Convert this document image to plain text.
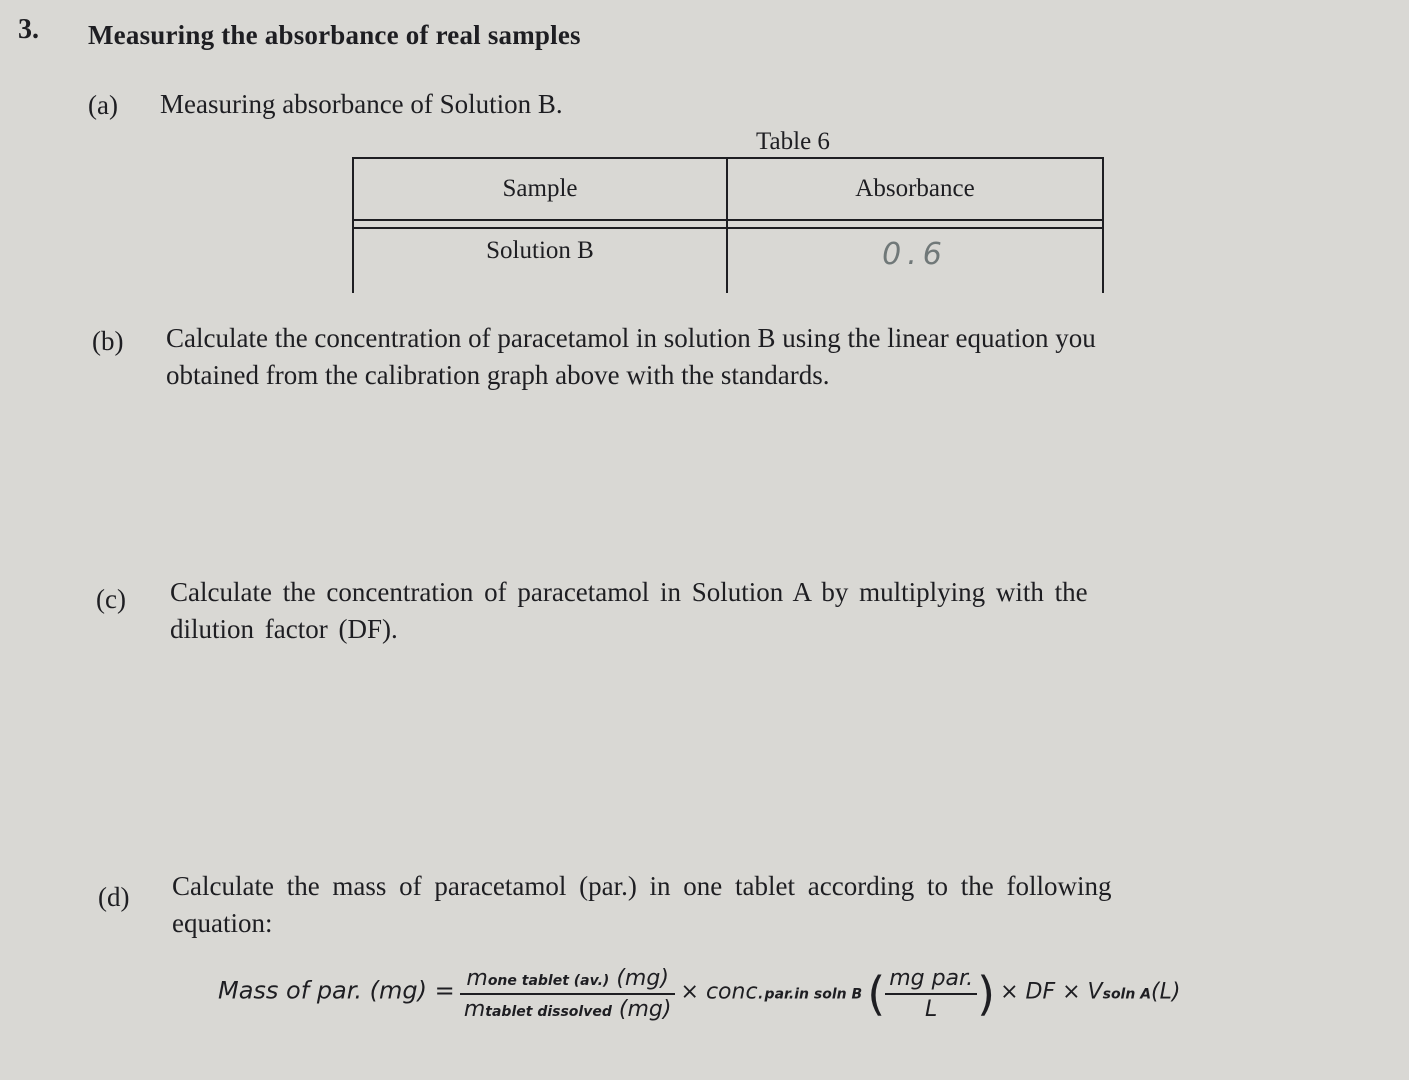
3. Measuring the absorbance of real samples
(a) Measuring absorbance of Solution B.
Table 6
Sample	Absorbance

Solution B	0.6
(b) Calculate the concentration of paracetamol in solution B using the linear equation you
obtained from the calibration graph above with the standards.
(c) Calculate the concentration of paracetamol in Solution A by multiplying with the
dilution factor (DF).
(d) Calculate the mass of paracetamol (par.) in one tablet according to the following
equation:
Mass of par. $(mg) = \frac{\text{mone tablet (av.) (mg)}}{\text{mtablet dissolved (mg)}}$ × conc.par.in soln B ( $\frac{\text{mg par.}}{L}$ ) × DF × Vsoln A(L)
